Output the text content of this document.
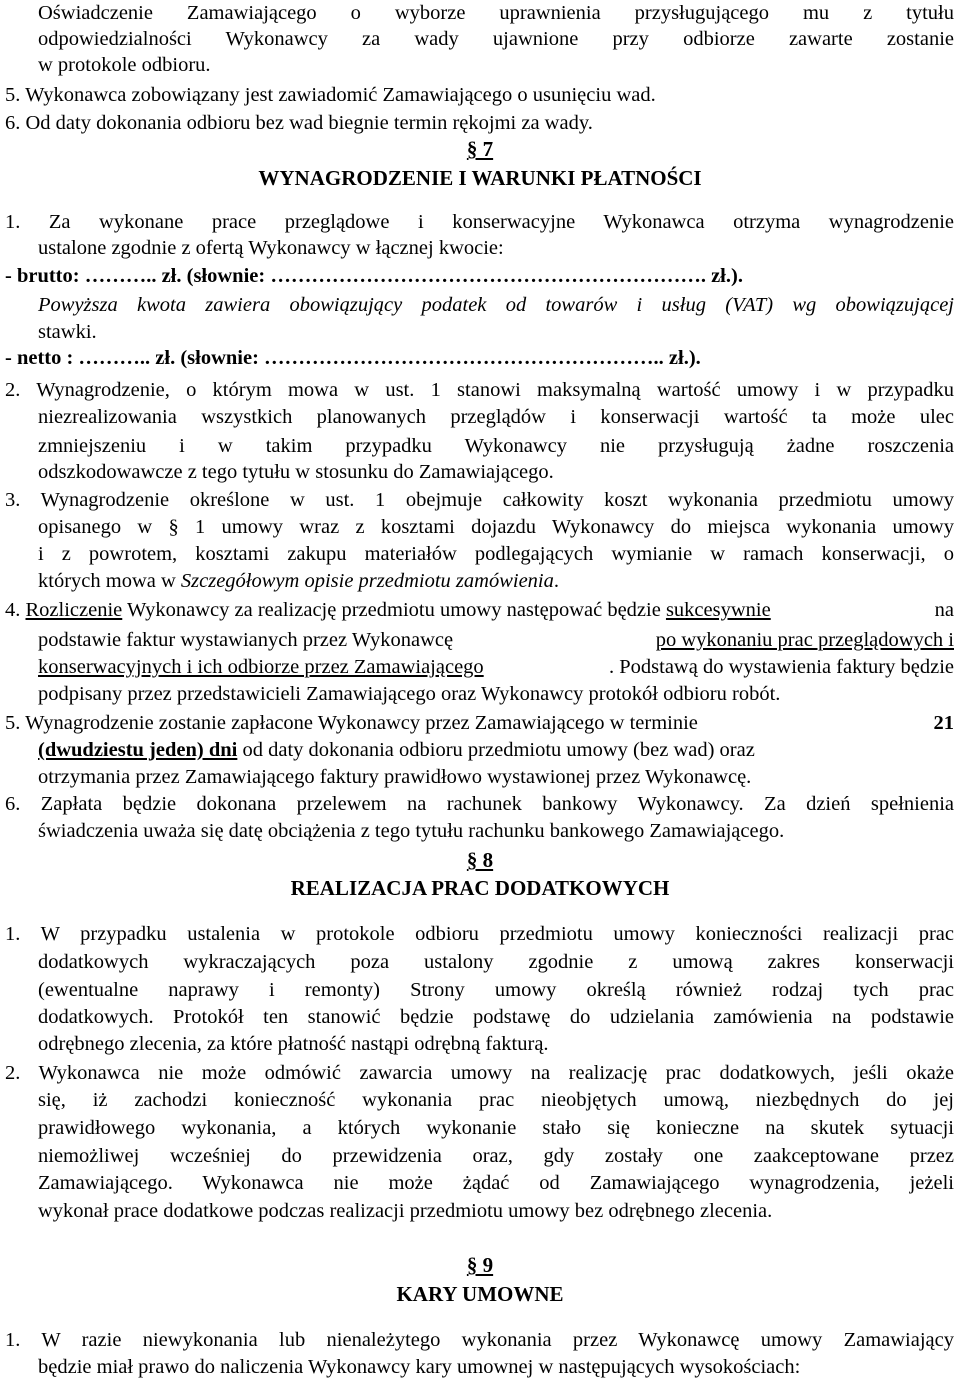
Oświadczenie Zamawiającego o wyborze uprawnienia przysługującego mu z tytułu
odpowiedzialności Wykonawcy za wady ujawnione przy odbiorze zawarte zostanie
w protokole odbioru.
5. Wykonawca zobowiązany jest zawiadomić Zamawiającego o usunięciu wad.
6. Od daty dokonania odbioru bez wad biegnie termin rękojmi za wady.
§ 7
WYNAGRODZENIE I WARUNKI PŁATNOŚCI
1. Za wykonane prace przeglądowe i konserwacyjne Wykonawca otrzyma wynagrodzenie
ustalone zgodnie z ofertą Wykonawcy w łącznej kwocie:
- brutto: ……….. zł. (słownie: ………………………………………………………. zł.).
Powyższa kwota zawiera obowiązujący podatek od towarów i usług (VAT) wg obowiązującej
stawki.
- netto : ……….. zł. (słownie: ………………………………………………….. zł.).
2. Wynagrodzenie, o którym mowa w ust. 1 stanowi maksymalną wartość umowy i w przypadku
niezrealizowania wszystkich planowanych przeglądów i konserwacji wartość ta może ulec
zmniejszeniu i w takim przypadku Wykonawcy nie przysługują żadne roszczenia
odszkodowawcze z tego tytułu w stosunku do Zamawiającego.
3. Wynagrodzenie określone w ust. 1 obejmuje całkowity koszt wykonania przedmiotu umowy
opisanego w § 1 umowy wraz z kosztami dojazdu Wykonawcy do miejsca wykonania umowy
i z powrotem, kosztami zakupu materiałów podlegających wymianie w ramach konserwacji, o
których mowa w Szczegółowym opisie przedmiotu zamówienia.
4. Rozliczenie Wykonawcy za realizację przedmiotu umowy następować będzie sukcesywnie	na
podstawie faktur wystawianych przez Wykonawcę	po wykonaniu prac przeglądowych i
konserwacyjnych i ich odbiorze przez Zamawiającego	. Podstawą do wystawienia faktury będzie
podpisany przez przedstawicieli Zamawiającego oraz Wykonawcy protokół odbioru robót.
5. Wynagrodzenie zostanie zapłacone Wykonawcy przez Zamawiającego w terminie	21
(dwudziestu jeden) dni od daty dokonania odbioru przedmiotu umowy (bez wad) oraz
otrzymania przez Zamawiającego faktury prawidłowo wystawionej przez Wykonawcę.
6. Zapłata będzie dokonana przelewem na rachunek bankowy Wykonawcy. Za dzień spełnienia
świadczenia uważa się datę obciążenia z tego tytułu rachunku bankowego Zamawiającego.
§ 8
REALIZACJA PRAC DODATKOWYCH
1. W przypadku ustalenia w protokole odbioru przedmiotu umowy konieczności realizacji prac
dodatkowych wykraczających poza ustalony zgodnie z umową zakres konserwacji
(ewentualne naprawy i remonty) Strony umowy określą również rodzaj tych prac
dodatkowych. Protokół ten stanowić będzie podstawę do udzielania zamówienia na podstawie
odrębnego zlecenia, za które płatność nastąpi odrębną fakturą.
2. Wykonawca nie może odmówić zawarcia umowy na realizację prac dodatkowych, jeśli okaże
się, iż zachodzi konieczność wykonania prac nieobjętych umową, niezbędnych do jej
prawidłowego wykonania, a których wykonanie stało się konieczne na skutek sytuacji
niemożliwej wcześniej do przewidzenia oraz, gdy zostały one zaakceptowane przez
Zamawiającego. Wykonawca nie może żądać od Zamawiającego wynagrodzenia, jeżeli
wykonał prace dodatkowe podczas realizacji przedmiotu umowy bez odrębnego zlecenia.
§ 9
KARY UMOWNE
1. W razie niewykonania lub nienależytego wykonania przez Wykonawcę umowy Zamawiający
będzie miał prawo do naliczenia Wykonawcy kary umownej w następujących wysokościach:
